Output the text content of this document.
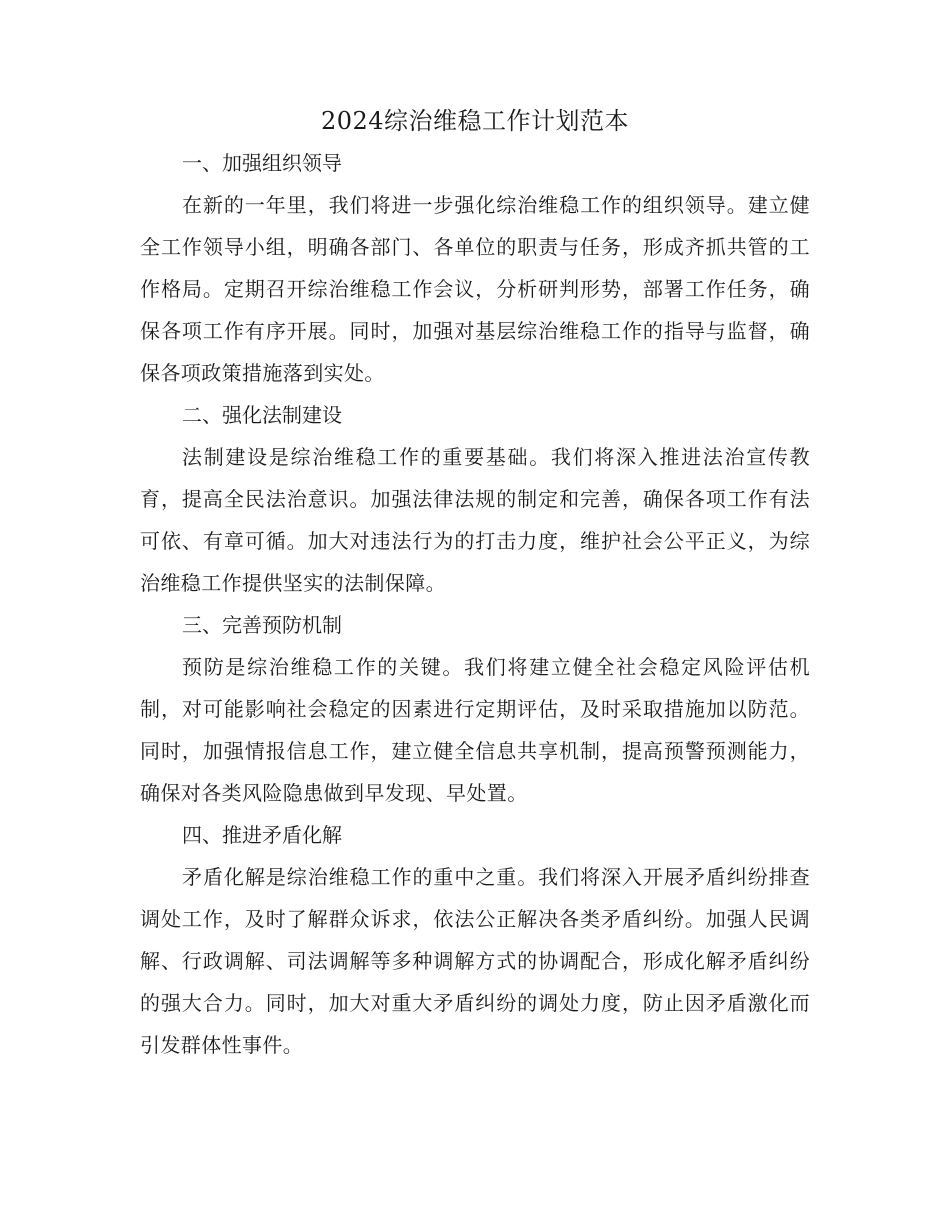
2024综治维稳工作计划范本
一、加强组织领导

在新的一年里，我们将进一步强化综治维稳工作的组织领导。建立健全工作领导小组，明确各部门、各单位的职责与任务，形成齐抓共管的工作格局。定期召开综治维稳工作会议，分析研判形势，部署工作任务，确保各项工作有序开展。同时，加强对基层综治维稳工作的指导与监督，确保各项政策措施落到实处。

二、强化法制建设

法制建设是综治维稳工作的重要基础。我们将深入推进法治宣传教育，提高全民法治意识。加强法律法规的制定和完善，确保各项工作有法可依、有章可循。加大对违法行为的打击力度，维护社会公平正义，为综治维稳工作提供坚实的法制保障。

三、完善预防机制

预防是综治维稳工作的关键。我们将建立健全社会稳定风险评估机制，对可能影响社会稳定的因素进行定期评估，及时采取措施加以防范。同时，加强情报信息工作，建立健全信息共享机制，提高预警预测能力，确保对各类风险隐患做到早发现、早处置。

四、推进矛盾化解

矛盾化解是综治维稳工作的重中之重。我们将深入开展矛盾纠纷排查调处工作，及时了解群众诉求，依法公正解决各类矛盾纠纷。加强人民调解、行政调解、司法调解等多种调解方式的协调配合，形成化解矛盾纠纷的强大合力。同时，加大对重大矛盾纠纷的调处力度，防止因矛盾激化而引发群体性事件。
